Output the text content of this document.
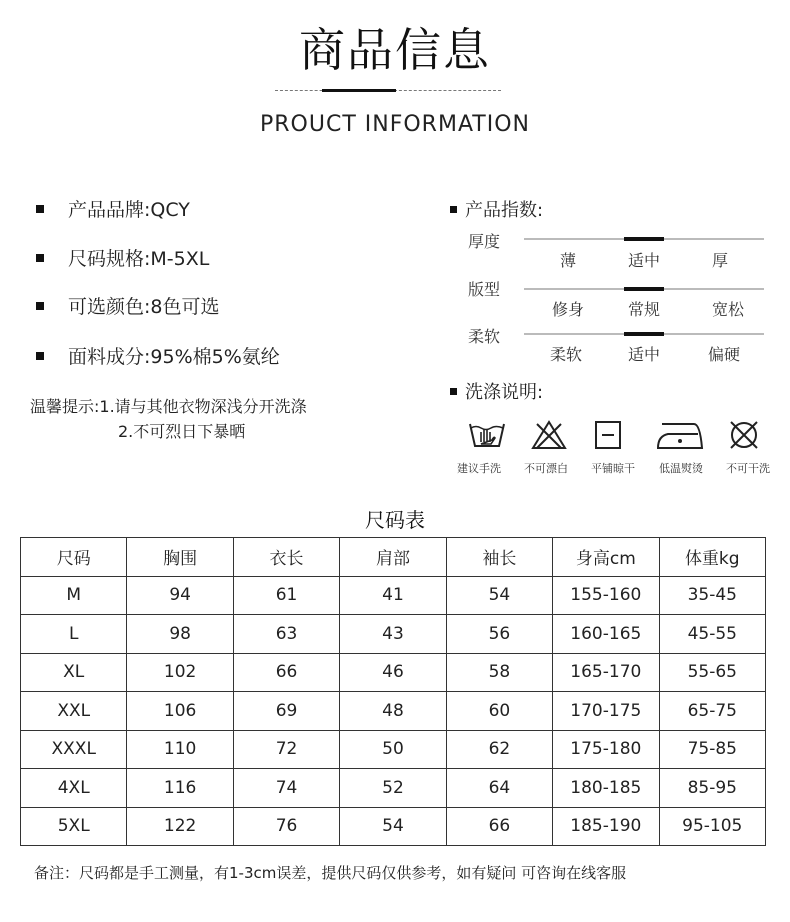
商品信息
PROUCT INFORMATION
产品品牌:QCY
尺码规格:M-5XL
可选颜色:8色可选
面料成分:95%棉5%氨纶
温馨提示:1.请与其他衣物深浅分开洗涤
2.不可烈日下暴晒
产品指数:
厚度
薄	适中	厚
版型
修身	常规	宽松
柔软
柔软	适中	偏硬
洗涤说明:
建议手洗	不可漂白	平铺晾干	低温熨烫	不可干洗
尺码表
尺码	胸围	衣长	肩部	袖长	身高cm	体重kg
M	94	61	41	54	155-160	35-45
L	98	63	43	56	160-165	45-55
XL	102	66	46	58	165-170	55-65
XXL	106	69	48	60	170-175	65-75
XXXL	110	72	50	62	175-180	75-85
4XL	116	74	52	64	180-185	85-95
5XL	122	76	54	66	185-190	95-105
备注：尺码都是手工测量，有1-3cm误差，提供尺码仅供参考，如有疑问 可咨询在线客服
